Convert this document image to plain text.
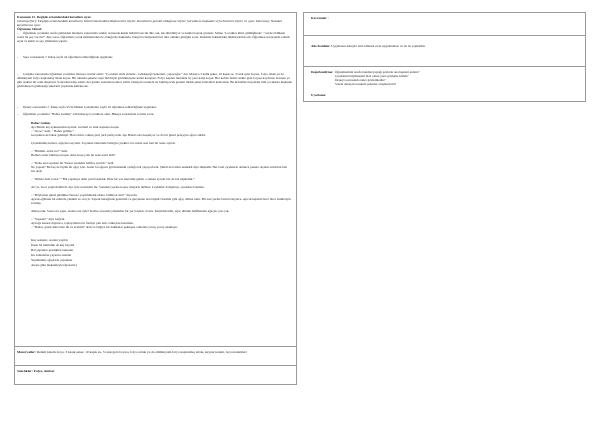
Kazanım 12. Değişik ortamlardaki kuralları uyar.
Gösterge(ler): Değişik ortamlardaki kuralların belirlenmesindeki düşüncesini söyler. Kuralların gerekli olduğunu söyler, kuralların başkaları için önemini söyler ve uyar. Davranış: Nezaket kurallarına uyar.
Öğrenme Süreci:
– Öğretmen çocukları sınıfa gelmeden bunların sonucunda sınıfın ortasında kukla ürünlü bazı iki düz, sık, zık dilerbiliyor ve kukla bayrak gösterir. Sahne ‘Çocuklar kimi, güldüğünde’ ‘’ nerde öldükten sonra bu şey var mı?’ diye sorar. Öğretmen çocuk isimlerinden ne olduğu ile hakkında, hangi bu bünyelerin bir türe oldukta gittiğini sorar. Kuklalar hakkındaki düşüncelerini alır. Öğretmen sonucunda rahatlı uçak ve kuklı ve şey yüzünden yapılır.
– Spor sonrasında 7. Küap sayfa 24 öğretmen rehberliğinde uygulanır.
– Çalışma sonrasında öğretmen çocukları masaya oturtur sahir: “Çocuklar siniz sizlerle - Gökkuşağı Şekerleri- yapacağız.” der. Masaya 3 kalık şeker, 10 kaşık su, 3 renk gıda boyası, folyo tabak ya da alüminyum folyo kaplanmış tabak koyar. Bir okunda şekerle suyu birbiriyle görünmeyene kadar karıştırır. Folyo kapları üzerinde üç yere kalıp koyar. Her kalıba farklı renkte gıda boyası koydurur. Karışık ya gün reaklar bir renk oluşturur. Sonradan kabp sıklar, her gönüv sonunda kontrol edilir. Deneyin sonunda ne bulmayacak gerekir mıdık şeker kristalleri kalacaktır. Bu kristalleri kaydeder tüm çocuklara kuşkunu görünmeyen gökkuşağı şekerleri yapılarak kullanıcak.
– Deney sonrasında 7. Küap sayfa 25’ni Dikkat Çalışmaları sayfa 16 öğretmen rehberliğinde uygulanır.
– Öğretmen çocuklara “Bahar Gelmiş” adlı hikayeyi çocuklara okur. Hikaye sonrasında sorular sorar.
Bahar Gelmiş
Ayı Bando kış uykusundan uyandı. Gerindi ve sinir kapısına koştu.
– “Oooo” dedi, “ Bahar gelmiş.”
Gerçekten de bahar gelmişti. Hava ılıktı. Güneş pırıl pırıl parlıyordu. Ayı Bando sırtı kaşınıyor ve da bir güzel pençeyle ağaca sürttü.
Çiçeklenmiş kırlara, ağaçlara seyretti. Toprakta önlerinde belirgin çiçekler, bu sırada sesi inat bir sesle sıyrıdı.
– “Hmmm. arılar ne?” dedi.
Hemen arılar bulmaya koştu. Ama koşu yolu bu sene nasıl iddi?
– “Daha sesi sıçırken bir Yarasa sesinden hafifçe ayrıldı.” dedi.
Ne yapsın? Bu beş de biyük bir ağaç için. Arılar bu ağacın gövdesindeki çatlağa bal yapıyorlardı. Şimdi de balları ekmekli diye düşündü. Her taraf çiçeklerle dolunca pekala. Ayaklı arılardan balı bal dedi.
– “Olmaz dedi sonra.” “Bal yapmaya daha yeni başladık. Hele bir yaz mevsimi gelsin o zaman ayrıdır biz de bal süpürdük.”
Arı’yı, boca yaptırılabilirdi. Ayı öyle sormadan bir. Sonunda yerine koştu, rüzgarla birlikte. Leylekler dolaşmayı, çiçeklere lokalize.
– “Böylesine güzel günlükte Nereye yaydılımıdık altına, bilmiyor mu?” diyordu.
Ayıcık eğilerek bir nehirde yüzünü ve su içti. Toprak beneğinde gezinirdi ve gerçekten ben büyük! Kediler gibi ağaç dibine taktı. Bir tanı yerine birini izleyince. Ayıcık hepsini birer birer isimleriyle sormuş.
dinleyordu. Sonra nu yaptı, neden ona öyle? Kahve arasında yüzünden bir yer başladı. Sonra. Küçücük kâbi, ağaç dibinin hafiflenden ağaçlar çok çok.
– “Yaşasın!” diye bağırdı.
Ayıcığa kanaat duyunca, toplayabilen bir fısıltıyı pek tatlı. Güneyde kısırmak.
– “Bahar, gözel daha bize ilk ve sevimli” dedi ve bilgiçe bir dakikalar pekleşen ormanda yavaş yavaş uzaklaştı.
Kuş seslenir, oradan yayıldı
İnsan bu mutluluk da kuş bayıldı
Bal yapanlar gezdikten bekestur
Ku zamandan yayarını ananlar
Yeşillenmiş ağaçlarla yapraklar
Ateşte güle mekaleleyiz (tiparalar)
Materyaller: Renkli kalem-boya, 3 kaşık şeker, 10 kaşık su, 3 renk gıda boyası, folyo tabak ya da alüminyum folyo kaplanmış tabak, kaynar kalem, boya kalemleri
Sözcükler: Folyo, Ambar
Kavramlar :
Aile Katılımı: Uygulanan deneyin tatil edilerek evde uygulanması ve da de yapılabilir.
Değerlendirme: Öğretmeninin sınıfa bundan/yaptığı şeylerle ana hepsini anlattı?
Çiçeklerin büyümesini bize yakın yana gözleme kimdi?
Deneyi sonrasında neler gözlemledin?
Sonda deneyin sonunda şekerler oluşmadı mı?
Uyarlama:
